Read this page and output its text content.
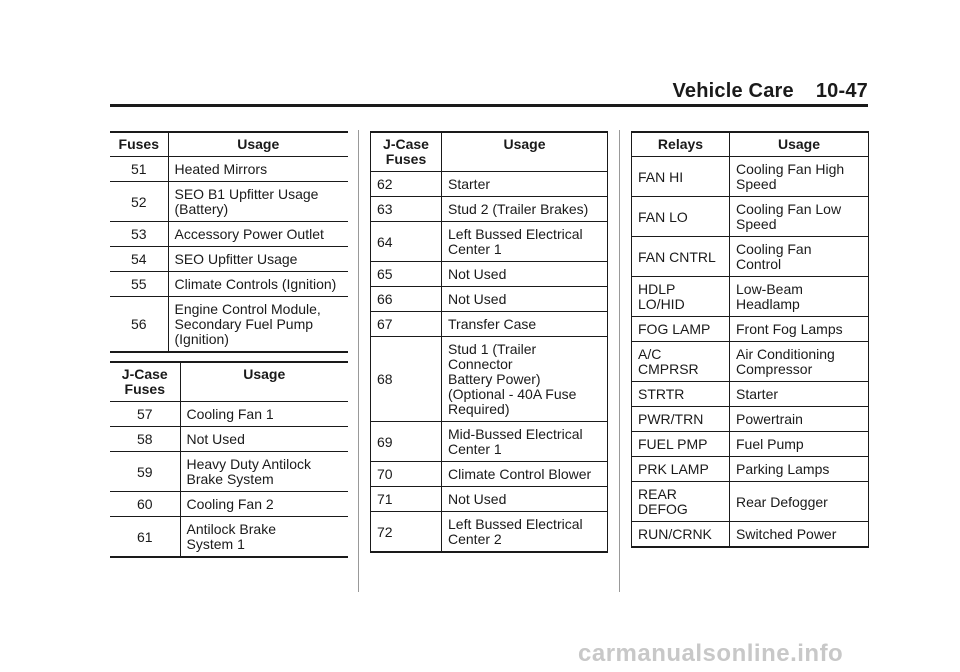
Vehicle Care 10-47
Fuses	Usage
51	Heated Mirrors
52	SEO B1 Upfitter Usage
(Battery)
53	Accessory Power Outlet
54	SEO Upfitter Usage
55	Climate Controls (Ignition)
56	Engine Control Module,
Secondary Fuel Pump
(Ignition)
J-Case
Fuses	Usage
57	Cooling Fan 1
58	Not Used
59	Heavy Duty Antilock
Brake System
60	Cooling Fan 2
61	Antilock Brake
System 1
J-Case
Fuses	Usage
62	Starter
63	Stud 2 (Trailer Brakes)
64	Left Bussed Electrical
Center 1
65	Not Used
66	Not Used
67	Transfer Case
68	Stud 1 (Trailer
Connector
Battery Power)
(Optional - 40A Fuse
Required)
69	Mid-Bussed Electrical
Center 1
70	Climate Control Blower
71	Not Used
72	Left Bussed Electrical
Center 2
Relays	Usage
FAN HI	Cooling Fan High
Speed
FAN LO	Cooling Fan Low
Speed
FAN CNTRL	Cooling Fan
Control
HDLP
LO/HID	Low-Beam
Headlamp
FOG LAMP	Front Fog Lamps
A/C
CMPRSR	Air Conditioning
Compressor
STRTR	Starter
PWR/TRN	Powertrain
FUEL PMP	Fuel Pump
PRK LAMP	Parking Lamps
REAR
DEFOG	Rear Defogger
RUN/CRNK	Switched Power
carmanualsonline.info
